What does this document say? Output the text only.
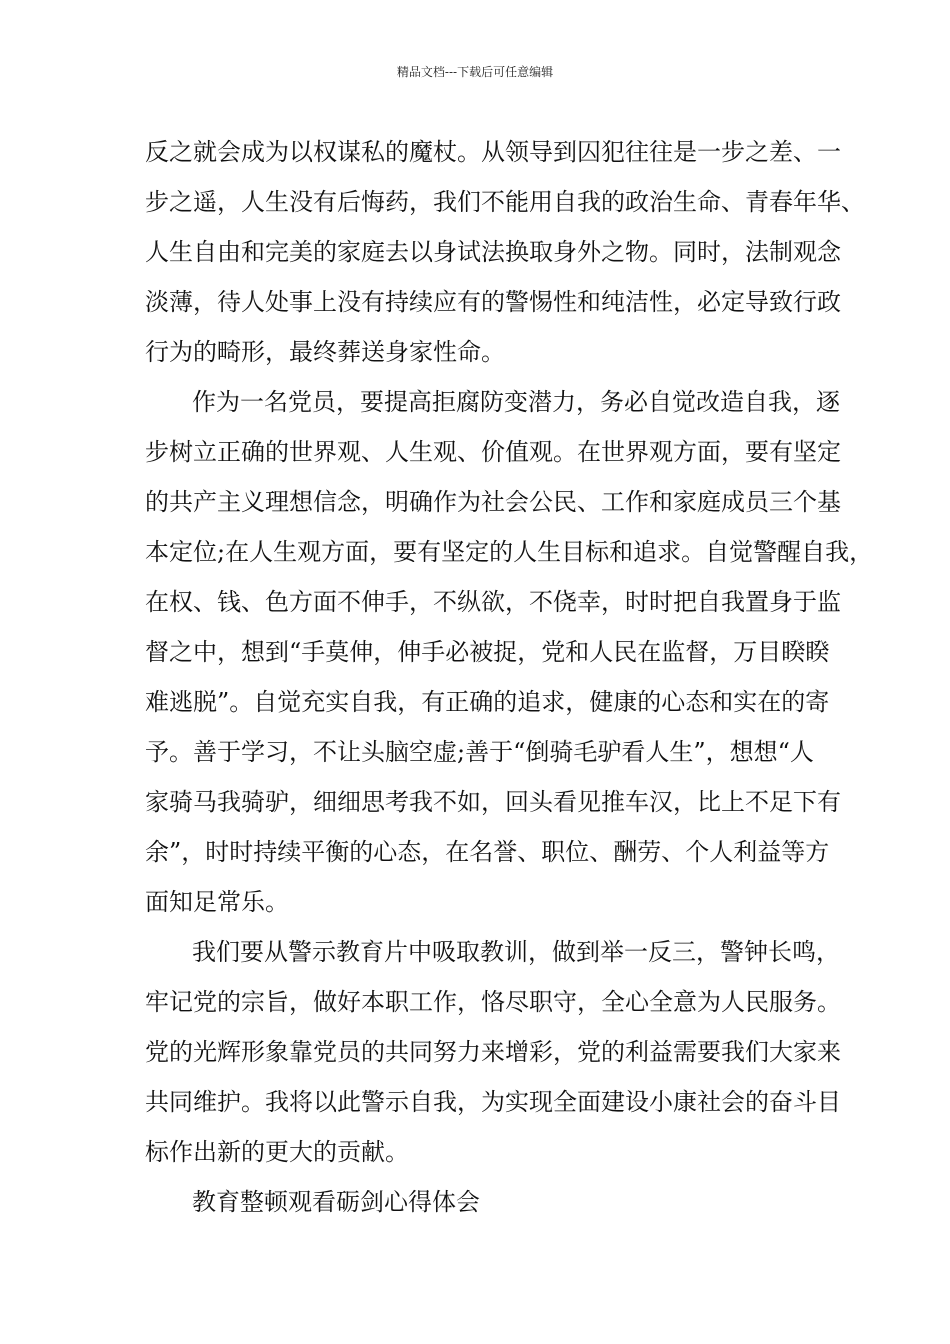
精品文档---下载后可任意编辑

反之就会成为以权谋私的魔杖。从领导到囚犯往往是一步之差、一
步之遥，人生没有后悔药，我们不能用自我的政治生命、青春年华、
人生自由和完美的家庭去以身试法换取身外之物。同时，法制观念
淡薄，待人处事上没有持续应有的警惕性和纯洁性，必定导致行政
行为的畸形，最终葬送身家性命。

作为一名党员，要提高拒腐防变潜力，务必自觉改造自我，逐
步树立正确的世界观、人生观、价值观。在世界观方面，要有坚定
的共产主义理想信念，明确作为社会公民、工作和家庭成员三个基
本定位;在人生观方面，要有坚定的人生目标和追求。自觉警醒自我，
在权、钱、色方面不伸手，不纵欲，不侥幸，时时把自我置身于监
督之中，想到“手莫伸，伸手必被捉，党和人民在监督，万目睽睽
难逃脱”。自觉充实自我，有正确的追求，健康的心态和实在的寄
予。善于学习，不让头脑空虚;善于“倒骑毛驴看人生”，想想“人
家骑马我骑驴，细细思考我不如，回头看见推车汉，比上不足下有
余”，时时持续平衡的心态，在名誉、职位、酬劳、个人利益等方
面知足常乐。

我们要从警示教育片中吸取教训，做到举一反三，警钟长鸣，
牢记党的宗旨，做好本职工作，恪尽职守，全心全意为人民服务。
党的光辉形象靠党员的共同努力来增彩，党的利益需要我们大家来
共同维护。我将以此警示自我，为实现全面建设小康社会的奋斗目
标作出新的更大的贡献。

教育整顿观看砺剑心得体会
